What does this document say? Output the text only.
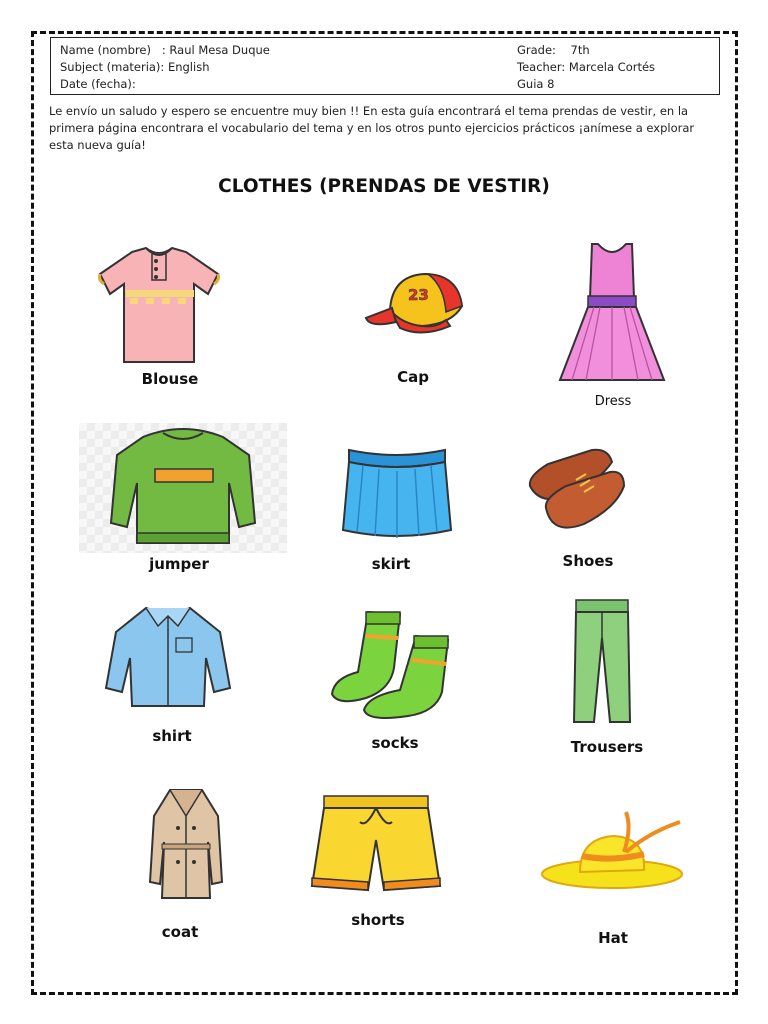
Name (nombre)   : Raul Mesa Duque
Subject (materia): English
Date (fecha):
Grade:    7th
Teacher: Marcela Cortés
Guia 8

Le envío un saludo y espero se encuentre muy bien !! En esta guía encontrará el tema prendas de vestir, en la primera página encontrara el vocabulario del tema y en los otros punto ejercicios prácticos ¡anímese a explorar esta nueva guía!

CLOTHES (PRENDAS DE VESTIR)
Blouse
23
Cap
Dress
jumper	skirt	Shoes
shirt	socks	Trousers
coat
shorts
Hat
